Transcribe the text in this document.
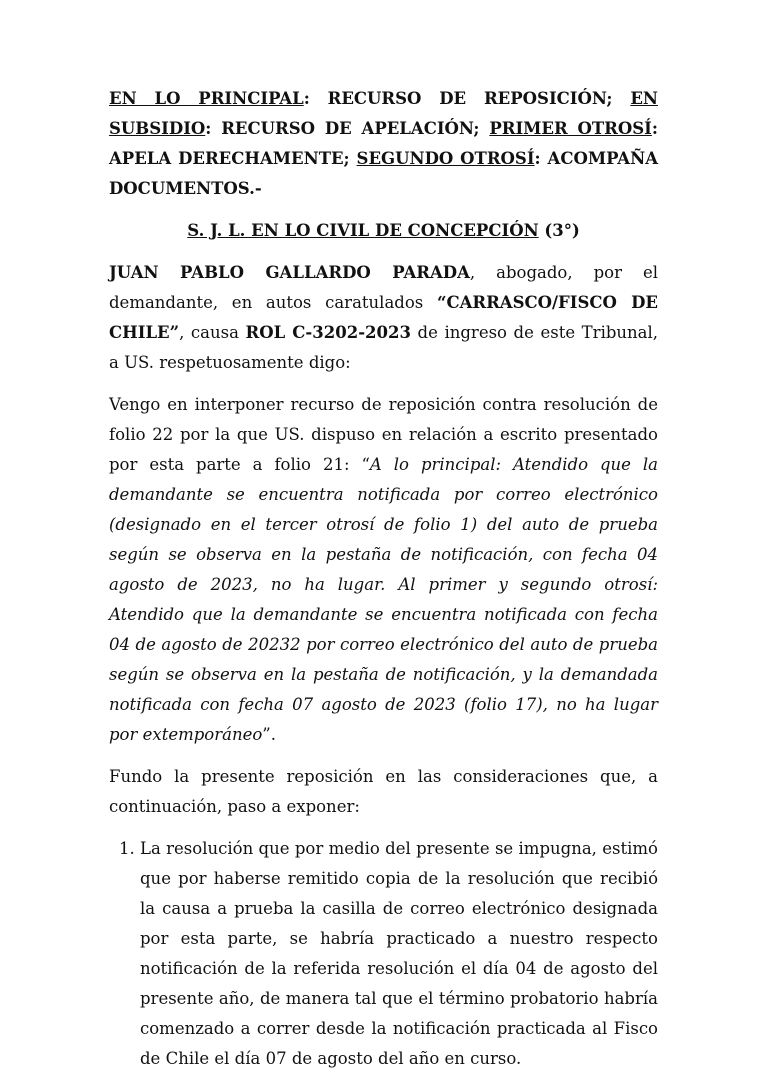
EN LO PRINCIPAL: RECURSO DE REPOSICIÓN; EN SUBSIDIO: RECURSO DE APELACIÓN; PRIMER OTROSÍ: APELA DERECHAMENTE; SEGUNDO OTROSÍ: ACOMPAÑA DOCUMENTOS.-

S. J. L. EN LO CIVIL DE CONCEPCIÓN (3°)

JUAN PABLO GALLARDO PARADA, abogado, por el demandante, en autos caratulados “CARRASCO/FISCO DE CHILE”, causa ROL C-3202-2023 de ingreso de este Tribunal, a US. respetuosamente digo:

Vengo en interponer recurso de reposición contra resolución de folio 22 por la que US. dispuso en relación a escrito presentado por esta parte a folio 21: “A lo principal: Atendido que la demandante se encuentra notificada por correo electrónico (designado en el tercer otrosí de folio 1) del auto de prueba según se observa en la pestaña de notificación, con fecha 04 agosto de 2023, no ha lugar. Al primer y segundo otrosí: Atendido que la demandante se encuentra notificada con fecha 04 de agosto de 20232 por correo electrónico del auto de prueba según se observa en la pestaña de notificación, y la demandada notificada con fecha 07 agosto de 2023 (folio 17), no ha lugar por extemporáneo”.

Fundo la presente reposición en las consideraciones que, a continuación, paso a exponer:

1. La resolución que por medio del presente se impugna, estimó que por haberse remitido copia de la resolución que recibió la causa a prueba la casilla de correo electrónico designada por esta parte, se habría practicado a nuestro respecto notificación de la referida resolución el día 04 de agosto del presente año, de manera tal que el término probatorio habría comenzado a correr desde la notificación practicada al Fisco de Chile el día 07 de agosto del año en curso.
